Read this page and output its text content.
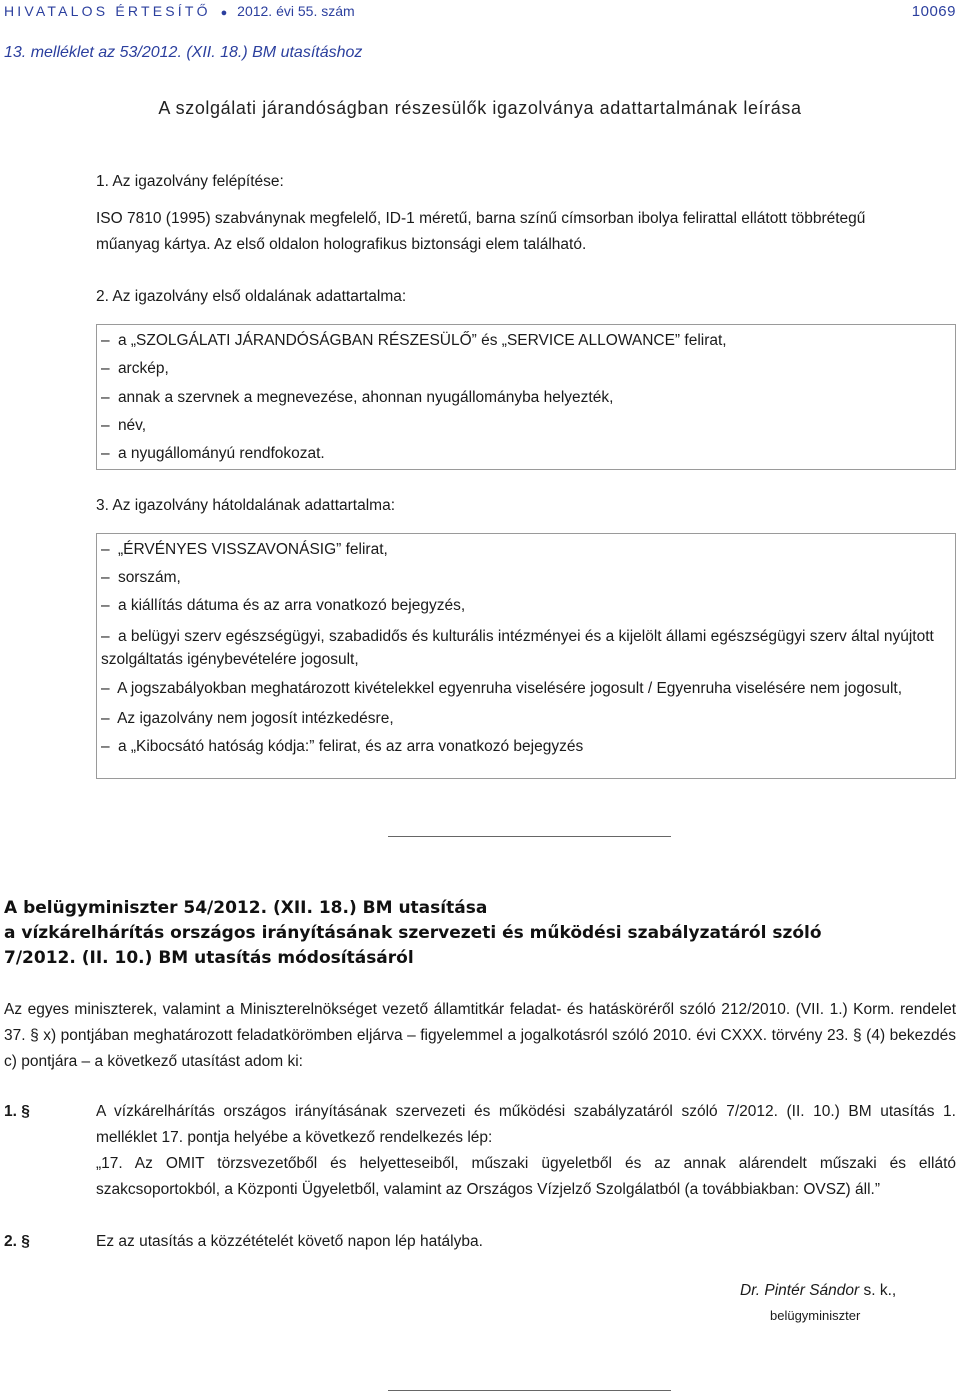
HIVATALOS ÉRTESÍTŐ ● 2012. évi 55. szám	10069
13. melléklet az 53/2012. (XII. 18.) BM utasításhoz
A szolgálati járandóságban részesülők igazolványa adattartalmának leírása
1. Az igazolvány felépítése:
ISO 7810 (1995) szabványnak megfelelő, ID-1 méretű, barna színű címsorban ibolya felirattal ellátott többrétegű
műanyag kártya. Az első oldalon holografikus biztonsági elem található.
2. Az igazolvány első oldalának adattartalma:
– a „SZOLGÁLATI JÁRANDÓSÁGBAN RÉSZESÜLŐ” és „SERVICE ALLOWANCE” felirat,
– arckép,
– annak a szervnek a megnevezése, ahonnan nyugállományba helyezték,
– név,
– a nyugállományú rendfokozat.
3. Az igazolvány hátoldalának adattartalma:
– „ÉRVÉNYES VISSZAVONÁSIG” felirat,
– sorszám,
– a kiállítás dátuma és az arra vonatkozó bejegyzés,
– a belügyi szerv egészségügyi, szabadidős és kulturális intézményei és a kijelölt állami egészségügyi szerv által nyújtott szolgáltatás igénybevételére jogosult,
– A jogszabályokban meghatározott kivételekkel egyenruha viselésére jogosult / Egyenruha viselésére nem jogosult,
– Az igazolvány nem jogosít intézkedésre,
– a „Kibocsátó hatóság kódja:” felirat, és az arra vonatkozó bejegyzés
A belügyminiszter 54/2012. (XII. 18.) BM utasítása
a vízkárelhárítás országos irányításának szervezeti és működési szabályzatáról szóló
7/2012. (II. 10.) BM utasítás módosításáról
Az egyes miniszterek, valamint a Miniszterelnökséget vezető államtitkár feladat- és hatásköréről szóló 212/2010. (VII. 1.) Korm. rendelet 37. § x) pontjában meghatározott feladatkörömben eljárva – figyelemmel a jogalkotásról szóló 2010. évi CXXX. törvény 23. § (4) bekezdés c) pontjára – a következő utasítást adom ki:
1. §	A vízkárelhárítás országos irányításának szervezeti és működési szabályzatáról szóló 7/2012. (II. 10.) BM utasítás 1. melléklet 17. pontja helyébe a következő rendelkezés lép:
„17. Az OMIT törzsvezetőből és helyetteseiből, műszaki ügyeletből és az annak alárendelt műszaki és ellátó szakcsoportokból, a Központi Ügyeletből, valamint az Országos Vízjelző Szolgálatból (a továbbiakban: OVSZ) áll.”
2. §	Ez az utasítás a közzétételét követő napon lép hatályba.
Dr. Pintér Sándor s. k.,
belügyminiszter
